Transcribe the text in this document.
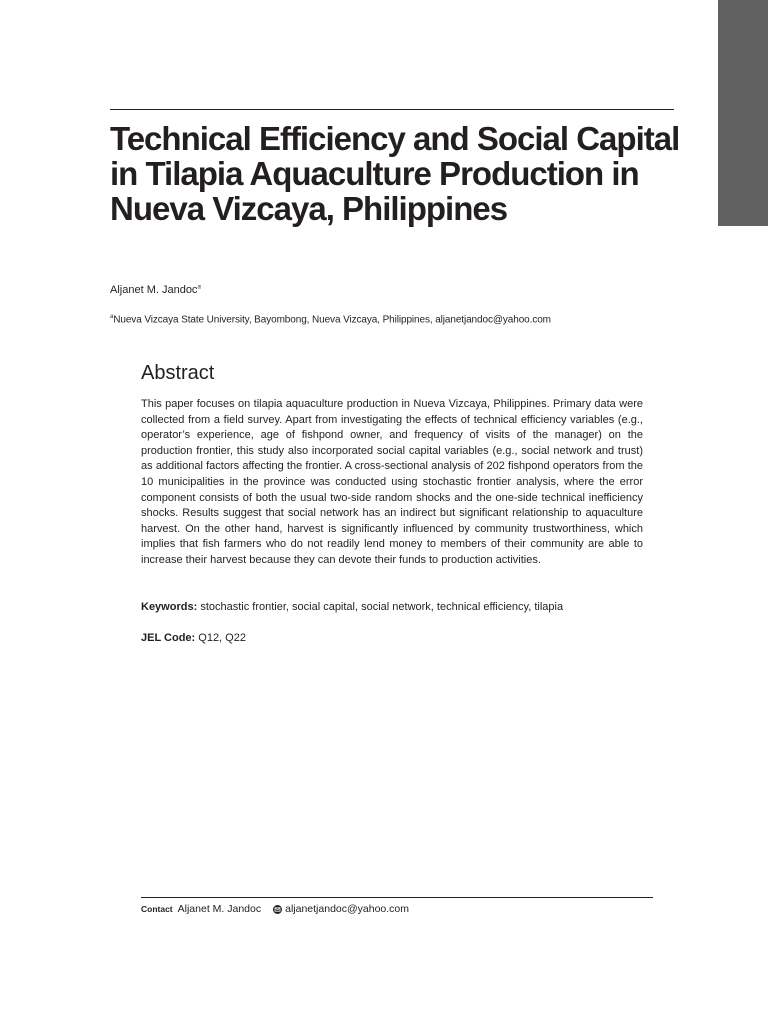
Technical Efficiency and Social Capital in Tilapia Aquaculture Production in Nueva Vizcaya, Philippines
Aljanet M. Jandoc$^a$
$^a$Nueva Vizcaya State University, Bayombong, Nueva Vizcaya, Philippines, aljanetjandoc@yahoo.com
Abstract

This paper focuses on tilapia aquaculture production in Nueva Vizcaya, Philippines. Primary data were collected from a field survey. Apart from investigating the effects of technical efficiency variables (e.g., operator’s experience, age of fishpond owner, and frequency of visits of the manager) on the production frontier, this study also incorporated social capital variables (e.g., social network and trust) as additional factors affecting the frontier. A cross-sectional analysis of 202 fishpond operators from the 10 municipalities in the province was conducted using stochastic frontier analysis, where the error component consists of both the usual two-side random shocks and the one-side technical inefficiency shocks. Results suggest that social network has an indirect but significant relationship to aquaculture harvest. On the other hand, harvest is significantly influenced by community trustworthiness, which implies that fish farmers who do not readily lend money to members of their community are able to increase their harvest because they can devote their funds to production activities.

Keywords: stochastic frontier, social capital, social network, technical efficiency, tilapia
JEL Code: Q12, Q22
Contact Aljanet M. Jandoc aljanetjandoc@yahoo.com
